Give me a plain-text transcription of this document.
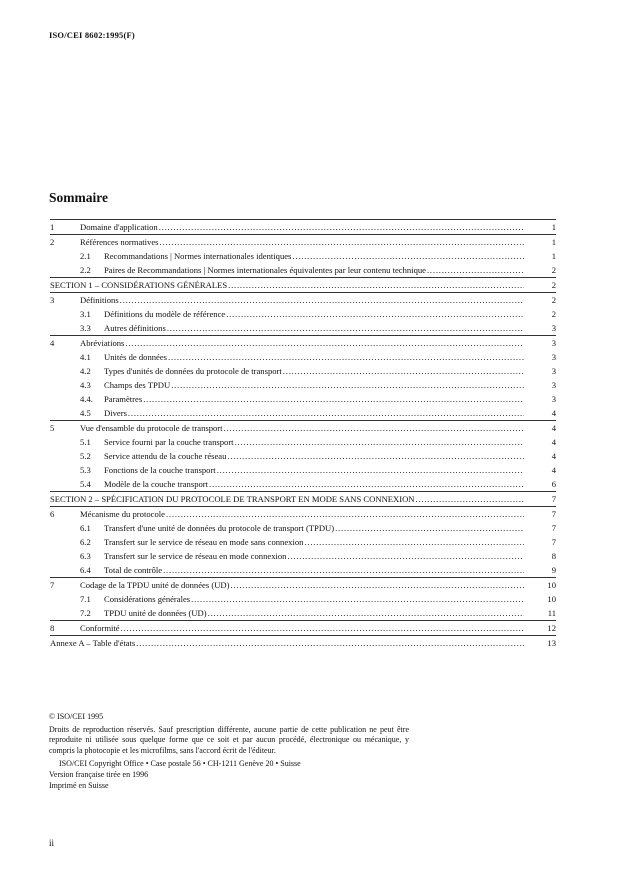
ISO/CEI 8602:1995(F)
Sommaire
1	Domaine d'application .....	1
2	Références normatives .....	1
2.1 Recommandations | Normes internationales identiques .....	1
2.2 Paires de Recommandations | Normes internationales équivalentes par leur contenu technique .....	2
SECTION 1 – CONSIDÉRATIONS GÉNÉRALES .....	2
3	Définitions .....	2
3.1 Définitions du modèle de référence .....	2
3.3 Autres définitions .....	3
4	Abréviations .....	3
4.1 Unités de données .....	3
4.2 Types d'unités de données du protocole de transport .....	3
4.3 Champs des TPDU .....	3
4.4. Paramètres .....	3
4.5 Divers .....	4
5	Vue d'ensamble du protocole de transport .....	4
5.1 Service fourni par la couche transport .....	4
5.2 Service attendu de la couche réseau .....	4
5.3 Fonctions de la couche transport .....	4
5.4 Modèle de la couche transport .....	6
SECTION 2 – SPÉCIFICATION DU PROTOCOLE DE TRANSPORT EN MODE SANS CONNEXION .....	7
6	Mécanisme du protocole .....	7
6.1 Transfert d'une unité de données du protocole de transport (TPDU) .....	7
6.2 Transfert sur le service de réseau en mode sans connexion .....	7
6.3 Transfert sur le service de réseau en mode connexion .....	8
6.4 Total de contrôle .....	9
7	Codage de la TPDU unité de données (UD) .....	10
7.1 Considérations générales .....	10
7.2 TPDU unité de données (UD) .....	11
8	Conformité .....	12
Annexe A – Table d'états .....	13

© ISO/CEI 1995

Droits de reproduction réservés. Sauf prescription différente, aucune partie de cette publication ne peut être reproduite ni utilisée sous quelque forme que ce soit et par aucun procédé, électronique ou mécanique, y compris la photocopie et les microfilms, sans l'accord écrit de l'éditeur.

ISO/CEI Copyright Office • Case postale 56 • CH-1211 Genève 20 • Suisse

Version française tirée en 1996

Imprimé en Suisse

ii
